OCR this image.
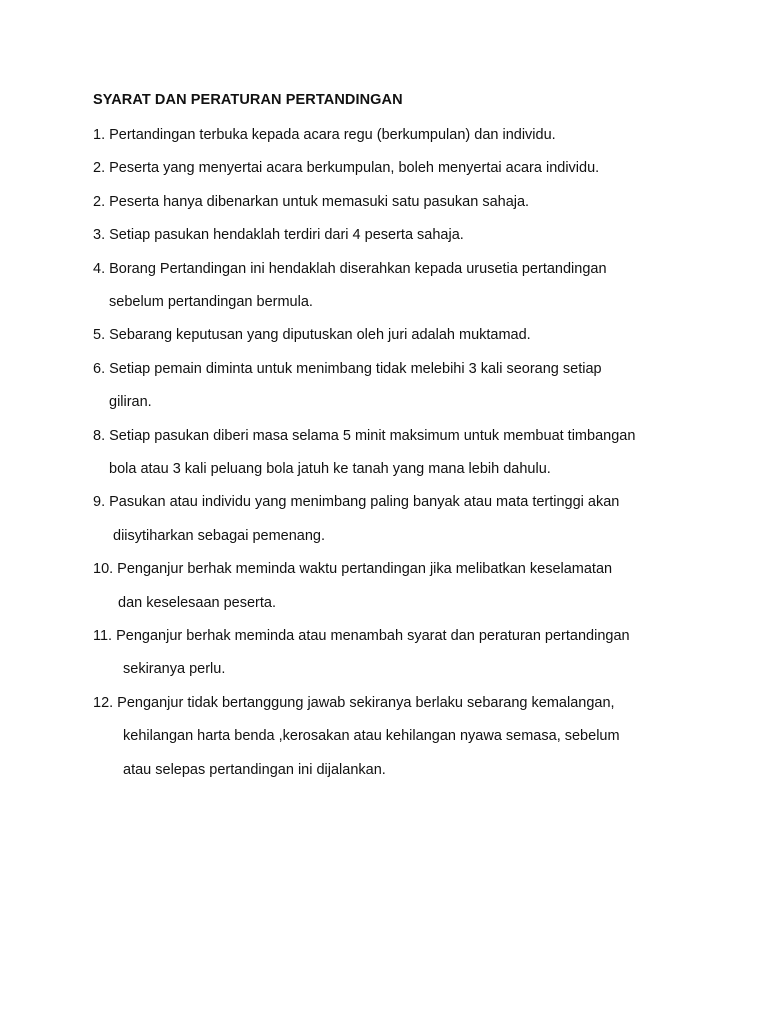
SYARAT DAN PERATURAN PERTANDINGAN
1. Pertandingan terbuka kepada acara regu (berkumpulan) dan individu.
2. Peserta yang menyertai acara berkumpulan, boleh menyertai acara individu.
2. Peserta hanya dibenarkan untuk memasuki satu pasukan sahaja.
3. Setiap pasukan hendaklah terdiri dari 4 peserta sahaja.
4. Borang Pertandingan ini hendaklah diserahkan kepada urusetia pertandingan
sebelum pertandingan bermula.
5. Sebarang keputusan yang diputuskan oleh juri adalah muktamad.
6. Setiap pemain diminta untuk menimbang tidak melebihi 3 kali seorang setiap
giliran.
8. Setiap pasukan diberi masa selama 5 minit maksimum untuk membuat timbangan
bola atau 3 kali peluang bola jatuh ke tanah yang mana lebih dahulu.
9. Pasukan atau individu yang menimbang paling banyak atau mata tertinggi akan
diisytiharkan sebagai pemenang.
10. Penganjur berhak meminda waktu pertandingan jika melibatkan keselamatan
dan keselesaan peserta.
11. Penganjur berhak meminda atau menambah syarat dan peraturan pertandingan
sekiranya perlu.
12. Penganjur tidak bertanggung jawab sekiranya berlaku sebarang kemalangan,
kehilangan harta benda ,kerosakan atau kehilangan nyawa semasa, sebelum
atau selepas pertandingan ini dijalankan.
